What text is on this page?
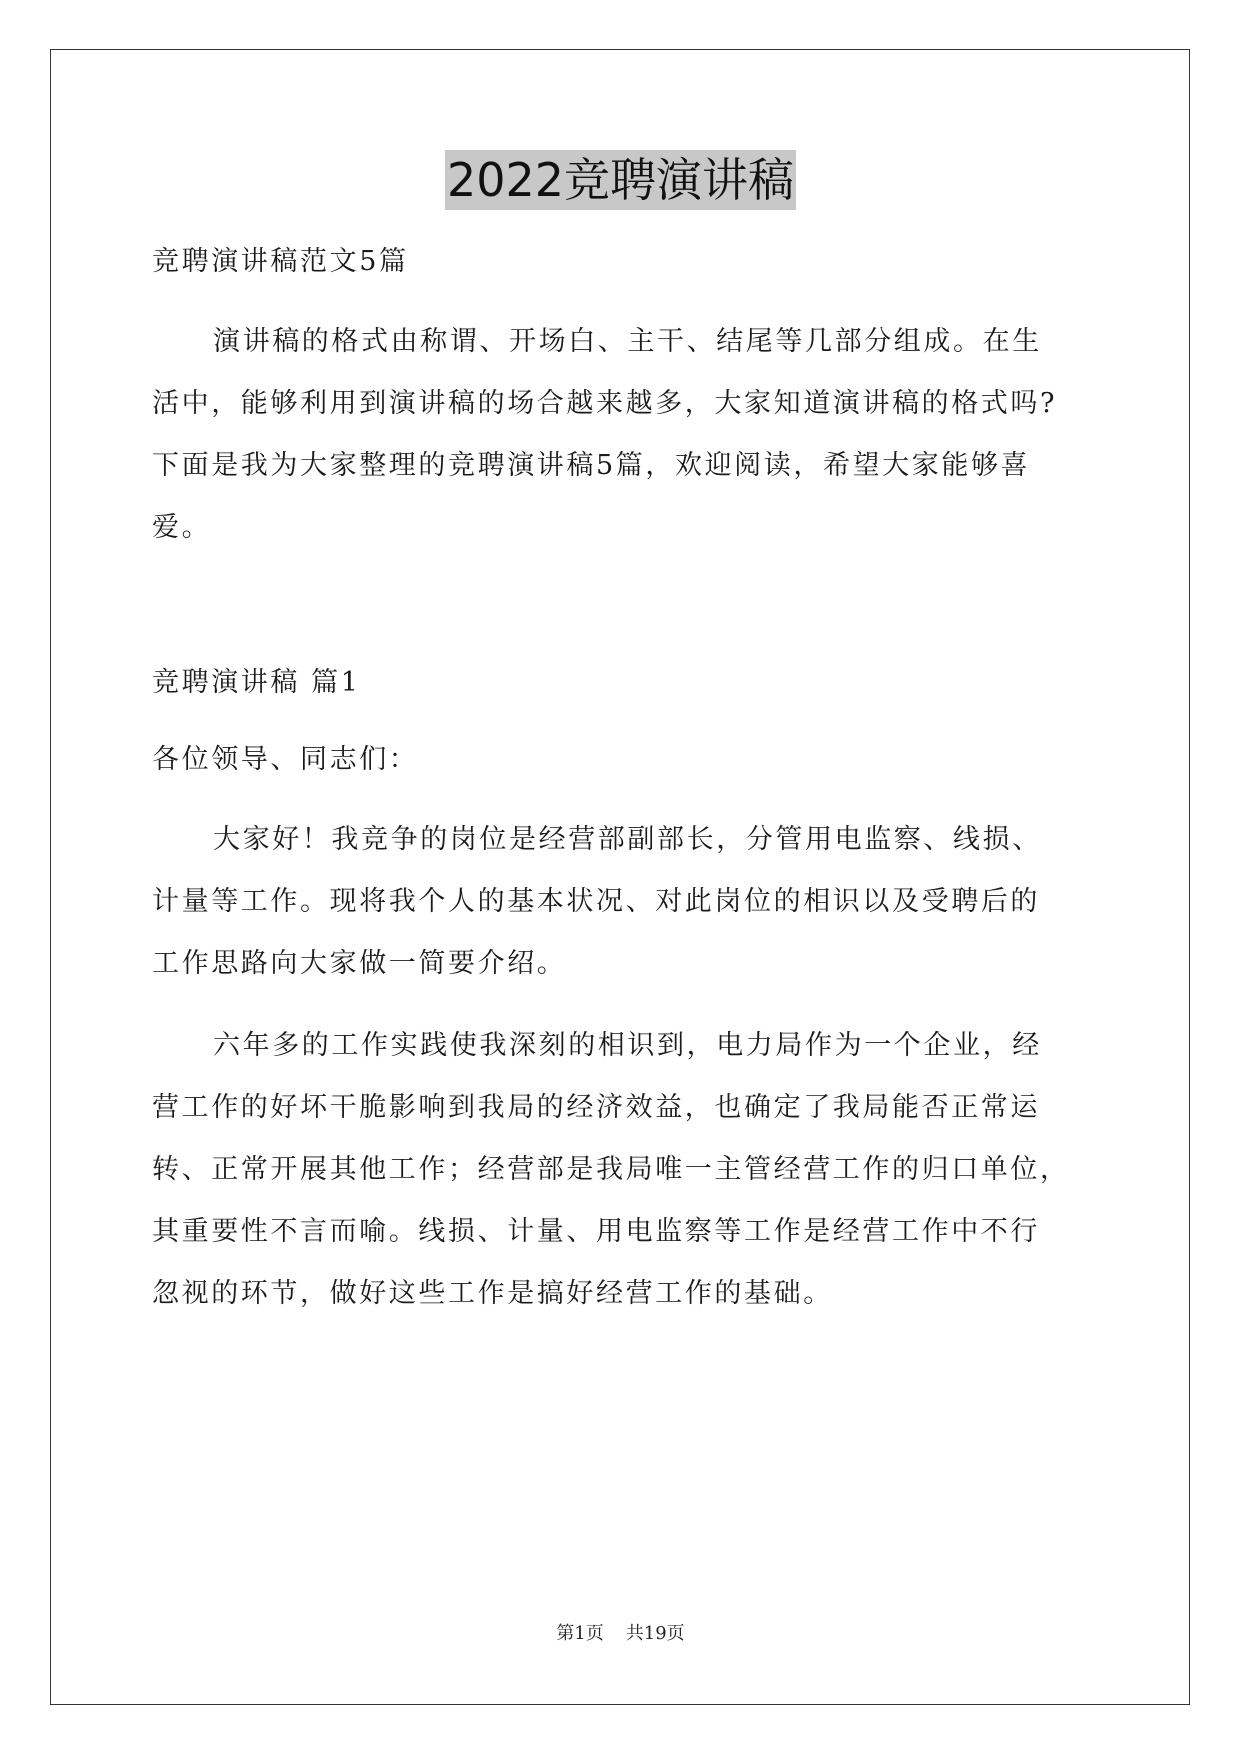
2022竞聘演讲稿
竞聘演讲稿范文5篇
演讲稿的格式由称谓、开场白、主干、结尾等几部分组成。在生
活中，能够利用到演讲稿的场合越来越多，大家知道演讲稿的格式吗?
下面是我为大家整理的竞聘演讲稿5篇，欢迎阅读，希望大家能够喜
爱。
竞聘演讲稿 篇1
各位领导、同志们：
大家好！我竞争的岗位是经营部副部长，分管用电监察、线损、
计量等工作。现将我个人的基本状况、对此岗位的相识以及受聘后的
工作思路向大家做一简要介绍。
六年多的工作实践使我深刻的相识到，电力局作为一个企业，经
营工作的好坏干脆影响到我局的经济效益，也确定了我局能否正常运
转、正常开展其他工作；经营部是我局唯一主管经营工作的归口单位，
其重要性不言而喻。线损、计量、用电监察等工作是经营工作中不行
忽视的环节，做好这些工作是搞好经营工作的基础。
第1页 共19页
